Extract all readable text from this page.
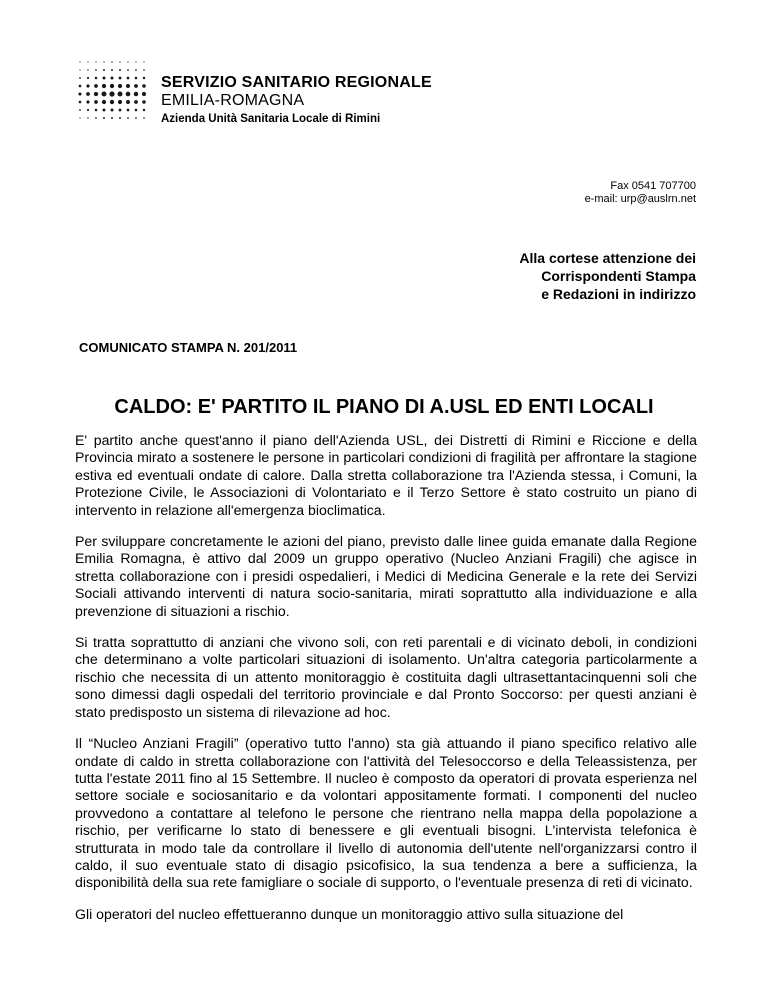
SERVIZIO SANITARIO REGIONALE
EMILIA-ROMAGNA
Azienda Unità Sanitaria Locale di Rimini
Fax 0541 707700
e-mail: urp@auslrn.net
Alla cortese attenzione dei
Corrispondenti Stampa
e Redazioni in indirizzo
COMUNICATO STAMPA N. 201/2011
CALDO: E' PARTITO IL PIANO DI A.USL ED ENTI LOCALI

E' partito anche quest'anno il piano dell'Azienda USL, dei Distretti di Rimini e Riccione e della Provincia mirato a sostenere le persone in particolari condizioni di fragilità per affrontare la stagione estiva ed eventuali ondate di calore. Dalla stretta collaborazione tra l'Azienda stessa, i Comuni, la Protezione Civile, le Associazioni di Volontariato e il Terzo Settore è stato costruito un piano di intervento in relazione all'emergenza bioclimatica.

Per sviluppare concretamente le azioni del piano, previsto dalle linee guida emanate dalla Regione Emilia Romagna, è attivo dal 2009 un gruppo operativo (Nucleo Anziani Fragili) che agisce in stretta collaborazione con i presidi ospedalieri, i Medici di Medicina Generale e la rete dei Servizi Sociali attivando interventi di natura socio-sanitaria, mirati soprattutto alla individuazione e alla prevenzione di situazioni a rischio.

Si tratta soprattutto di anziani che vivono soli, con reti parentali e di vicinato deboli, in condizioni che determinano a volte particolari situazioni di isolamento. Un'altra categoria particolarmente a rischio che necessita di un attento monitoraggio è costituita dagli ultrasettantacinquenni soli che sono dimessi dagli ospedali del territorio provinciale e dal Pronto Soccorso: per questi anziani è stato predisposto un sistema di rilevazione ad hoc.

Il “Nucleo Anziani Fragili” (operativo tutto l'anno) sta già attuando il piano specifico relativo alle ondate di caldo in stretta collaborazione con l'attività del Telesoccorso e della Teleassistenza, per tutta l'estate 2011 fino al 15 Settembre. Il nucleo è composto da operatori di provata esperienza nel settore sociale e sociosanitario e da volontari appositamente formati. I componenti del nucleo provvedono a contattare al telefono le persone che rientrano nella mappa della popolazione a rischio, per verificarne lo stato di benessere e gli eventuali bisogni. L'intervista telefonica è strutturata in modo tale da controllare il livello di autonomia dell'utente nell'organizzarsi contro il caldo, il suo eventuale stato di disagio psicofisico, la sua tendenza a bere a sufficienza, la disponibilità della sua rete famigliare o sociale di supporto, o l'eventuale presenza di reti di vicinato.

Gli operatori del nucleo effettueranno dunque un monitoraggio attivo sulla situazione del
